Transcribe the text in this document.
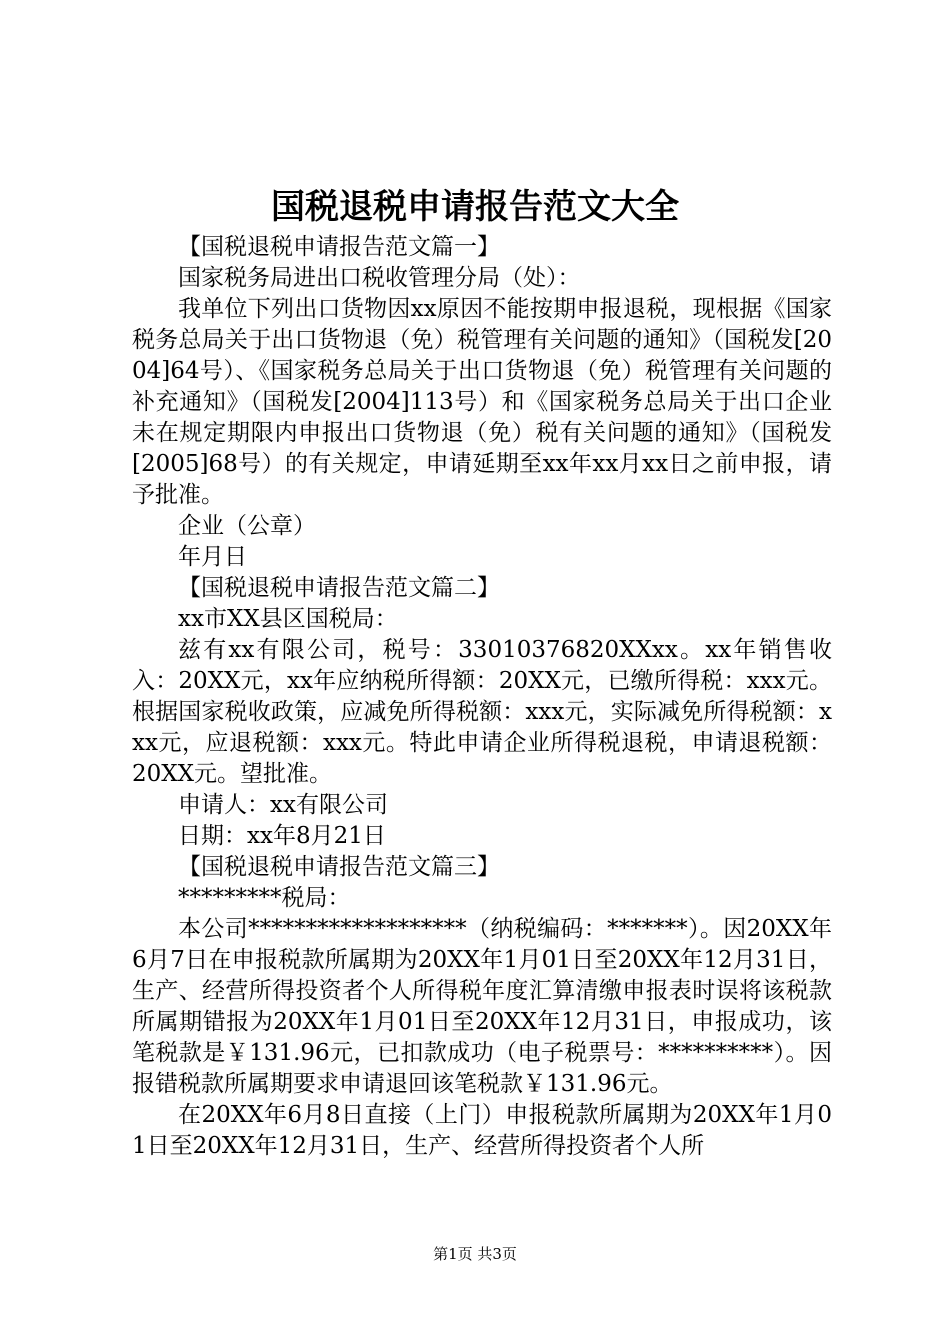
国税退税申请报告范文大全

【国税退税申请报告范文篇一】

国家税务局进出口税收管理分局（处）：

我单位下列出口货物因xx原因不能按期申报退税，现根据《国家税务总局关于出口货物退（免）税管理有关问题的通知》（国税发[2004]64号）、《国家税务总局关于出口货物退（免）税管理有关问题的补充通知》（国税发[2004]113号）和《国家税务总局关于出口企业未在规定期限内申报出口货物退（免）税有关问题的通知》（国税发[2005]68号）的有关规定，申请延期至xx年xx月xx日之前申报，请予批准。

企业（公章）

年月日

【国税退税申请报告范文篇二】

xx市XX县区国税局：

兹有xx有限公司，税号：33010376820XXxx。xx年销售收入：20XX元，xx年应纳税所得额：20XX元，已缴所得税：xxx元。根据国家税收政策，应减免所得税额：xxx元，实际减免所得税额：xxx元，应退税额：xxx元。特此申请企业所得税退税，申请退税额：20XX元。望批准。

申请人：xx有限公司

日期：xx年8月21日

【国税退税申请报告范文篇三】

*********税局：

本公司*******************（纳税编码：*******）。因20XX年6月7日在申报税款所属期为20XX年1月01日至20XX年12月31日，生产、经营所得投资者个人所得税年度汇算清缴申报表时误将该税款所属期错报为20XX年1月01日至20XX年12月31日，申报成功，该笔税款是￥131.96元，已扣款成功（电子税票号：**********）。因报错税款所属期要求申请退回该笔税款￥131.96元。

在20XX年6月8日直接（上门）申报税款所属期为20XX年1月01日至20XX年12月31日，生产、经营所得投资者个人所

第1页 共3页
